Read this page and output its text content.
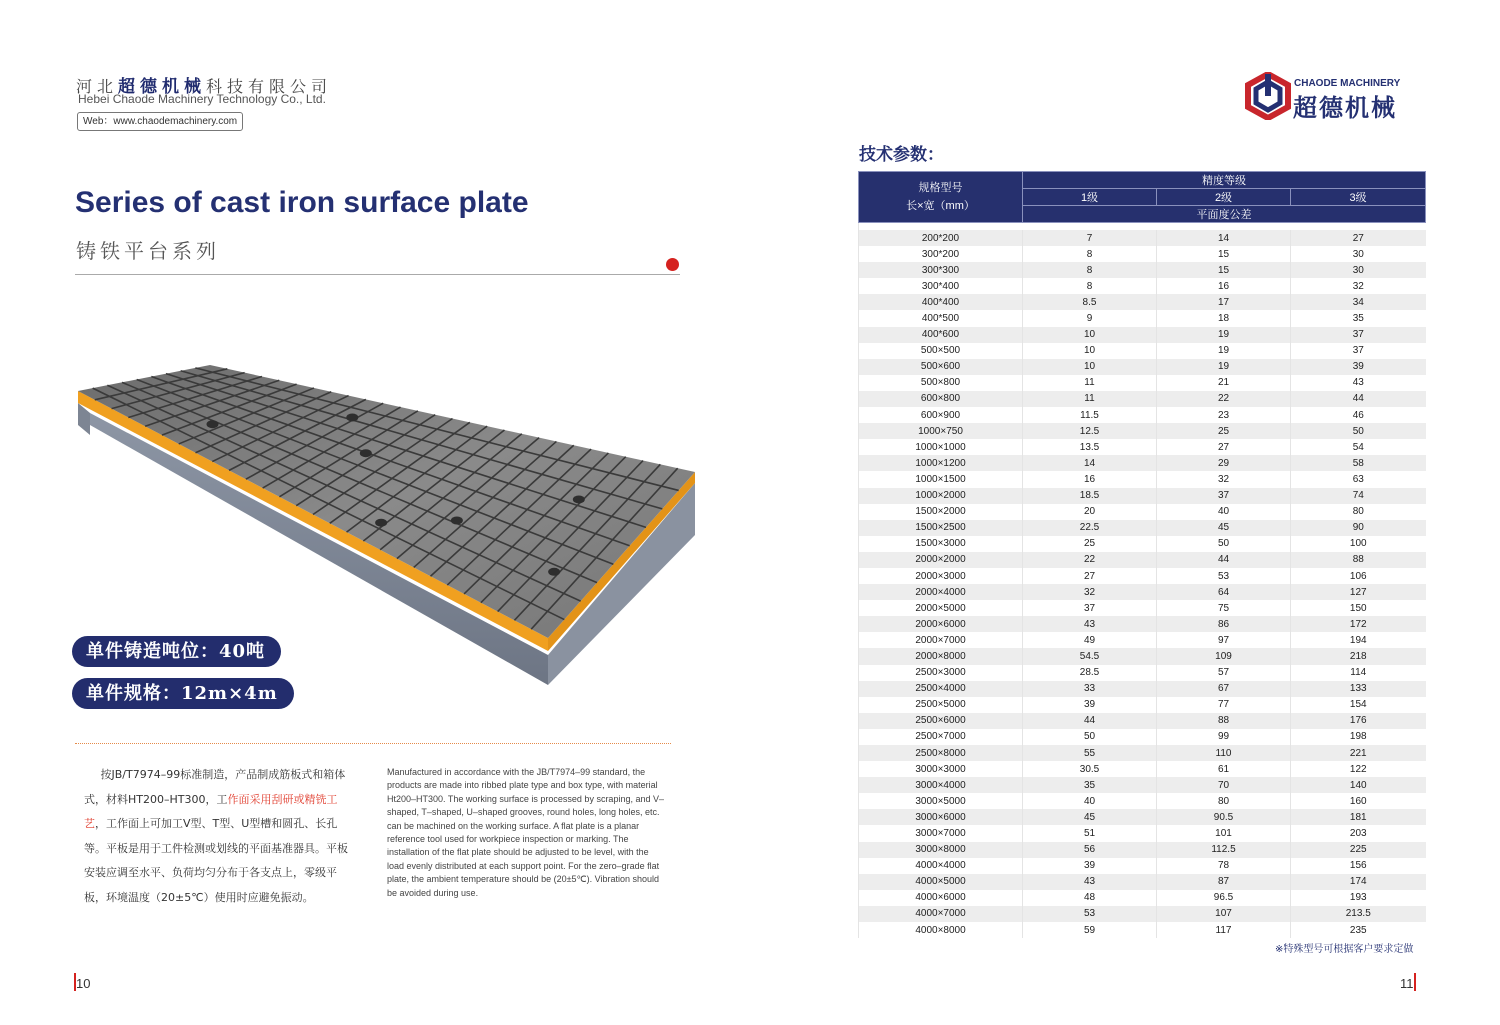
河北超德机械科技有限公司
Hebei Chaode Machinery Technology Co., Ltd.
Web：www.chaodemachinery.com
Series of cast iron surface plate
铸铁平台系列
单件铸造吨位：40吨
单件规格：12m×4m
  按JB/T7974–99标准制造，产品制成筋板式和箱体式，材料HT200–HT300，工作面采用刮研或精铣工艺，工作面上可加工V型、T型、U型槽和圆孔、长孔等。平板是用于工件检测或划线的平面基准器具。平板安装应调至水平、负荷均匀分布于各支点上，零级平板，环境温度（20±5℃）使用时应避免振动。
Manufactured in accordance with the JB/T7974–99 standard, the products are made into ribbed plate type and box type, with material Ht200–HT300. The working surface is processed by scraping, and V–shaped, T–shaped, U–shaped grooves, round holes, long holes, etc. can be machined on the working surface. A flat plate is a planar reference tool used for workpiece inspection or marking. The installation of the flat plate should be adjusted to be level, with the load evenly distributed at each support point. For the zero–grade flat plate, the ambient temperature should be (20±5℃). Vibration should be avoided during use.
10
CHAODE MACHINERY
超德机械
技术参数：
规格型号
长×宽（mm）	精度等级		
	1级	2级	3级
	平面度公差		

200*200	7	14	27
300*200	8	15	30
300*300	8	15	30
300*400	8	16	32
400*400	8.5	17	34
400*500	9	18	35
400*600	10	19	37
500×500	10	19	37
500×600	10	19	39
500×800	11	21	43
600×800	11	22	44
600×900	11.5	23	46
1000×750	12.5	25	50
1000×1000	13.5	27	54
1000×1200	14	29	58
1000×1500	16	32	63
1000×2000	18.5	37	74
1500×2000	20	40	80
1500×2500	22.5	45	90
1500×3000	25	50	100
2000×2000	22	44	88
2000×3000	27	53	106
2000×4000	32	64	127
2000×5000	37	75	150
2000×6000	43	86	172
2000×7000	49	97	194
2000×8000	54.5	109	218
2500×3000	28.5	57	114
2500×4000	33	67	133
2500×5000	39	77	154
2500×6000	44	88	176
2500×7000	50	99	198
2500×8000	55	110	221
3000×3000	30.5	61	122
3000×4000	35	70	140
3000×5000	40	80	160
3000×6000	45	90.5	181
3000×7000	51	101	203
3000×8000	56	112.5	225
4000×4000	39	78	156
4000×5000	43	87	174
4000×6000	48	96.5	193
4000×7000	53	107	213.5
4000×8000	59	117	235
※特殊型号可根据客户要求定做
11
